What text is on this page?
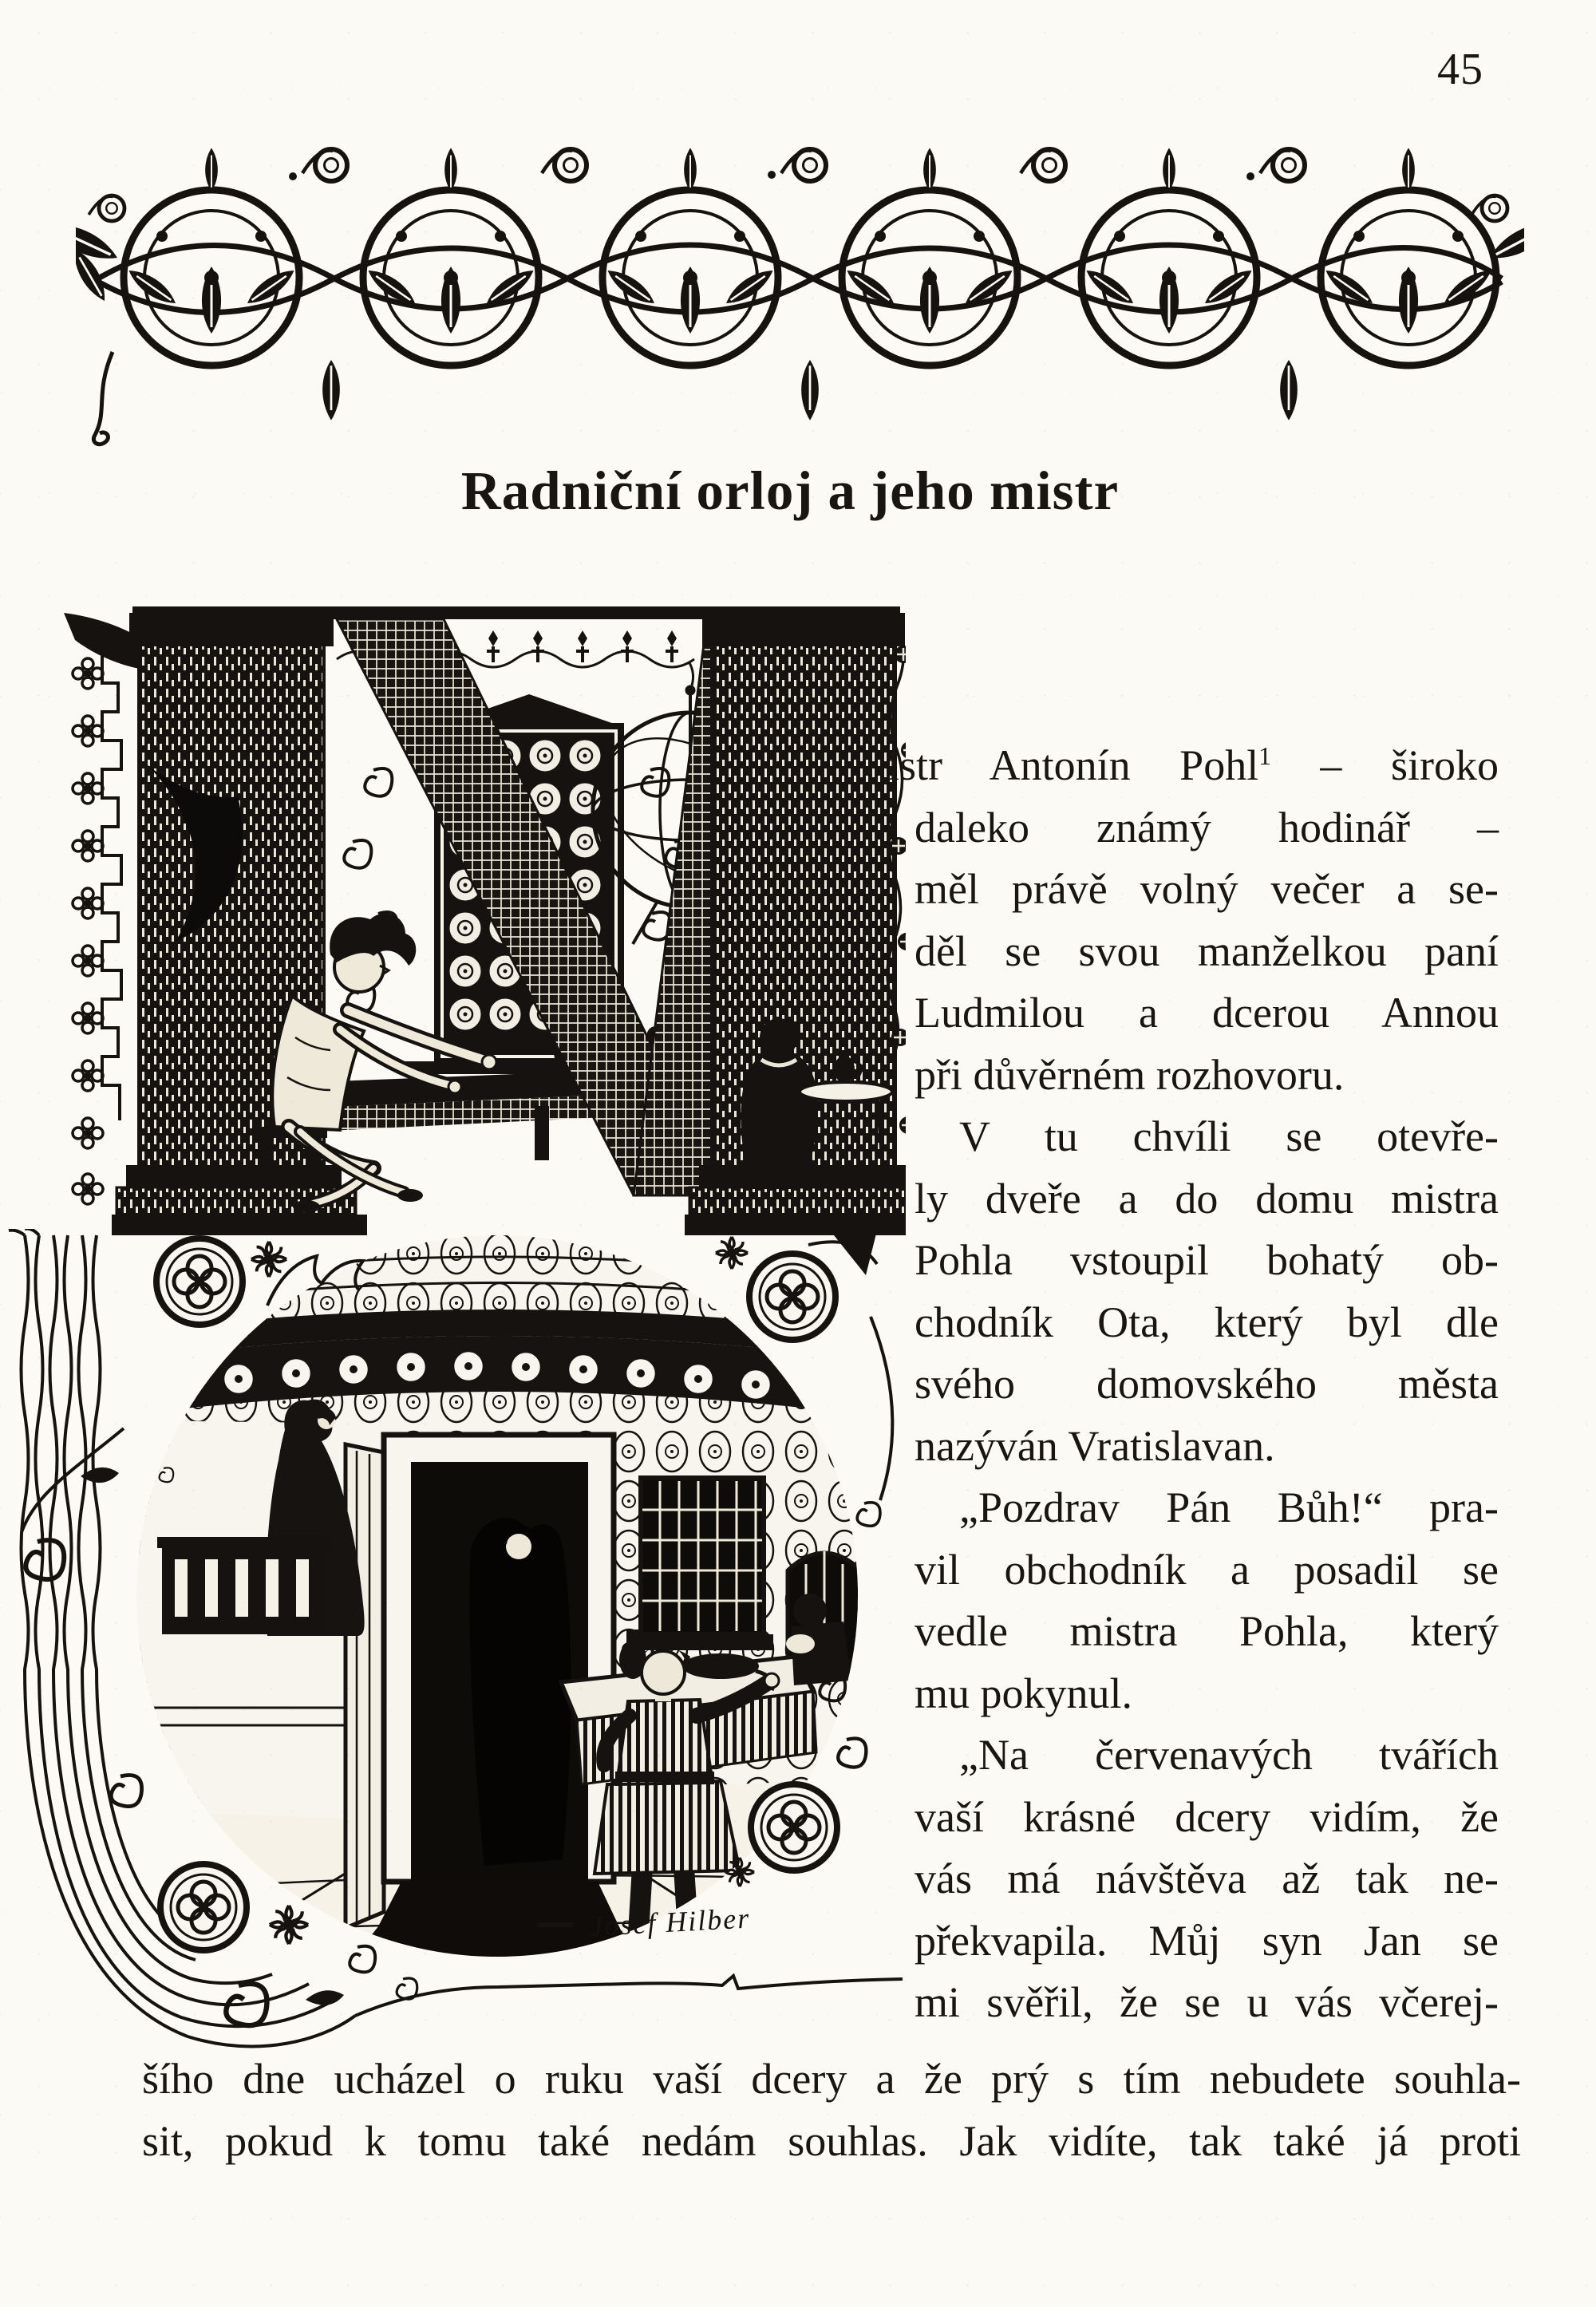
45
Radniční orloj a jeho mistr
Josef Hilber
istr Antonín Pohl$^1$ – široko
daleko známý hodinář –
měl právě volný večer a se-
děl se svou manželkou paní
Ludmilou a dcerou Annou
při důvěrném rozhovoru.
V tu chvíli se otevře-
ly dveře a do domu mistra
Pohla vstoupil bohatý ob-
chodník Ota, který byl dle
svého domovského města
nazýván Vratislavan.
„Pozdrav Pán Bůh!“ pra-
vil obchodník a posadil se
vedle mistra Pohla, který
mu pokynul.
„Na červenavých tvářích
vaší krásné dcery vidím, že
vás má návštěva až tak ne-
překvapila. Můj syn Jan se
mi svěřil, že se u vás včerej-
šího dne ucházel o ruku vaší dcery a že prý s tím nebudete souhla-
sit, pokud k tomu také nedám souhlas. Jak vidíte, tak také já proti
